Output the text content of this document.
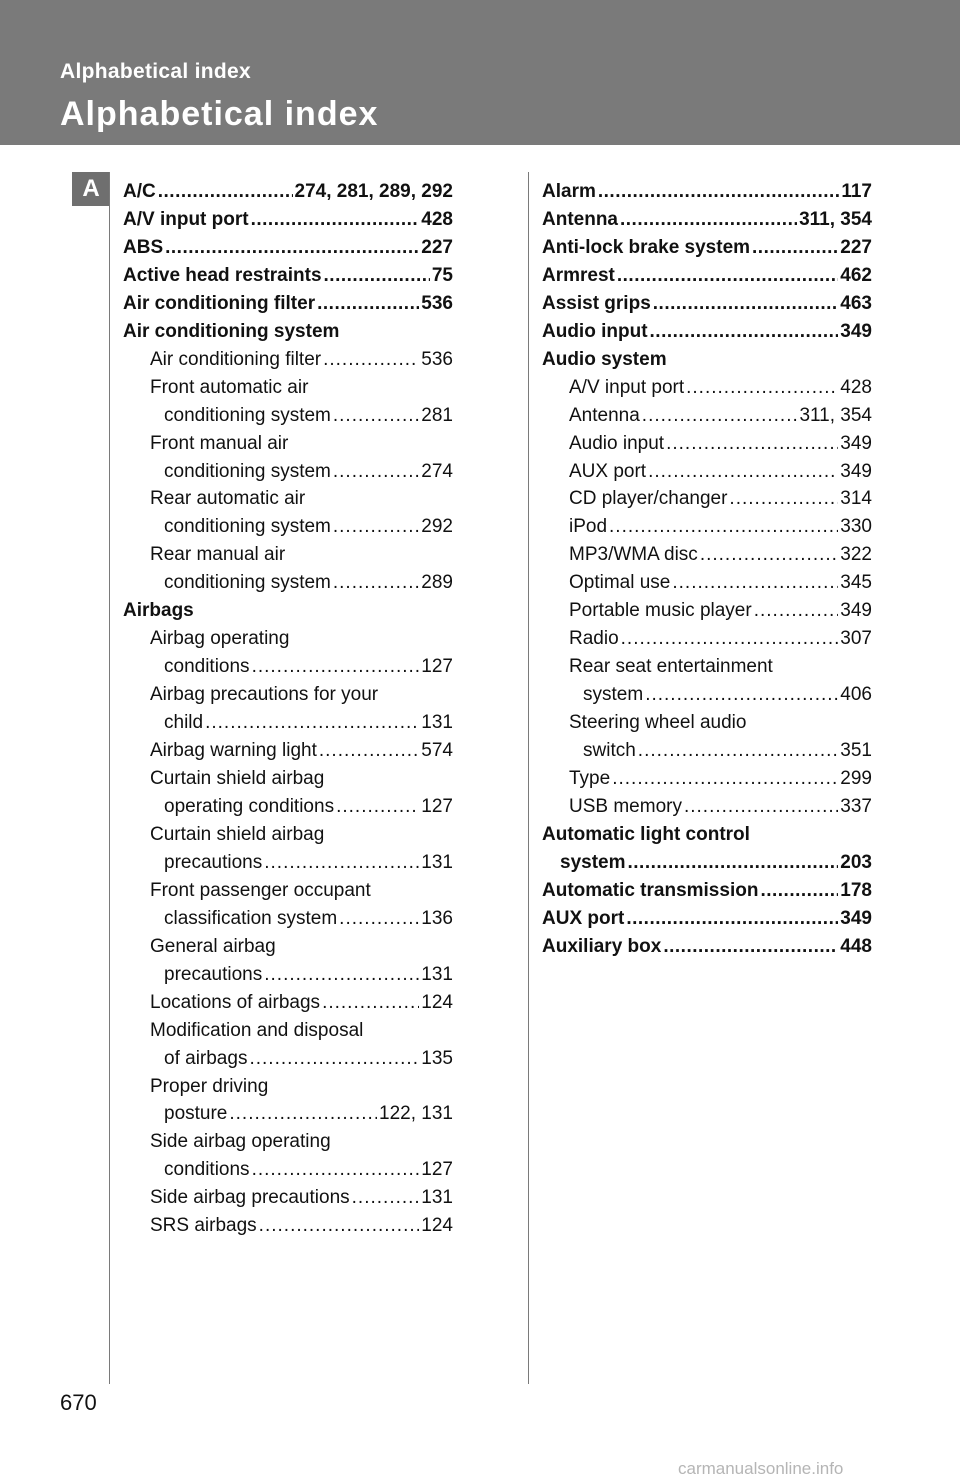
Alphabetical index
Alphabetical index
A	A/C .....	274, 281, 289, 292
A/V input port .....	428
ABS .....	227
Active head restraints .....	75
Air conditioning filter .....	536
Air conditioning system
Air conditioning filter .....	536
Front automatic air
conditioning system .....	281
Front manual air
conditioning system .....	274
Rear automatic air
conditioning system .....	292
Rear manual air
conditioning system .....	289
Airbags
Airbag operating
conditions .....	127
Airbag precautions for your
child .....	131
Airbag warning light .....	574
Curtain shield airbag
operating conditions .....	127
Curtain shield airbag
precautions .....	131
Front passenger occupant
classification system .....	136
General airbag
precautions .....	131
Locations of airbags .....	124
Modification and disposal
of airbags .....	135
Proper driving
posture .....	122, 131
Side airbag operating
conditions .....	127
Side airbag precautions .....	131
SRS airbags .....	124
Alarm .....	117
Antenna .....	311, 354
Anti-lock brake system .....	227
Armrest .....	462
Assist grips .....	463
Audio input .....	349
Audio system
A/V input port .....	428
Antenna .....	311, 354
Audio input .....	349
AUX port .....	349
CD player/changer .....	314
iPod .....	330
MP3/WMA disc .....	322
Optimal use .....	345
Portable music player .....	349
Radio .....	307
Rear seat entertainment
system .....	406
Steering wheel audio
switch .....	351
Type .....	299
USB memory .....	337
Automatic light control
system .....	203
Automatic transmission .....	178
AUX port .....	349
Auxiliary box .....	448
670
carmanualsonline.info
